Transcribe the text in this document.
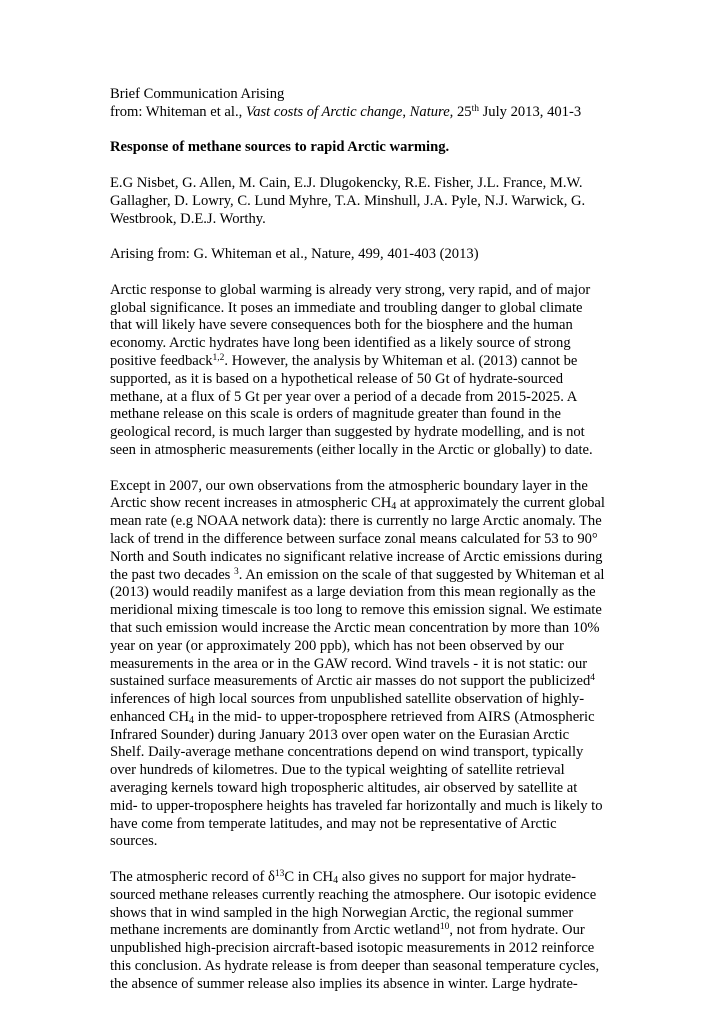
Brief Communication Arising

from: Whiteman et al., Vast costs of Arctic change, Nature, 25th July 2013, 401-3

Response of methane sources to rapid Arctic warming.

E.G Nisbet, G. Allen, M. Cain, E.J. Dlugokencky, R.E. Fisher, J.L. France, M.W. Gallagher, D. Lowry, C. Lund Myhre, T.A. Minshull, J.A. Pyle, N.J. Warwick, G. Westbrook, D.E.J. Worthy.

Arising from: G. Whiteman et al., Nature, 499, 401-403 (2013)

Arctic response to global warming is already very strong, very rapid, and of major global significance. It poses an immediate and troubling danger to global climate that will likely have severe consequences both for the biosphere and the human economy. Arctic hydrates have long been identified as a likely source of strong positive feedback$^{1,2}$. However, the analysis by Whiteman et al. (2013) cannot be supported, as it is based on a hypothetical release of 50 Gt of hydrate-sourced methane, at a flux of 5 Gt per year over a period of a decade from 2015-2025. A methane release on this scale is orders of magnitude greater than found in the geological record, is much larger than suggested by hydrate modelling, and is not seen in atmospheric measurements (either locally in the Arctic or globally) to date.

Except in 2007, our own observations from the atmospheric boundary layer in the Arctic show recent increases in atmospheric $CH_4$ at approximately the current global mean rate (e.g NOAA network data): there is currently no large Arctic anomaly. The lack of trend in the difference between surface zonal means calculated for 53 to 90° North and South indicates no significant relative increase of Arctic emissions during the past two decades $^3$. An emission on the scale of that suggested by Whiteman et al (2013) would readily manifest as a large deviation from this mean regionally as the meridional mixing timescale is too long to remove this emission signal. We estimate that such emission would increase the Arctic mean concentration by more than 10% year on year (or approximately 200 ppb), which has not been observed by our measurements in the area or in the GAW record. Wind travels - it is not static: our sustained surface measurements of Arctic air masses do not support the publicized$^4$ inferences of high local sources from unpublished satellite observation of highly-enhanced $CH_4$ in the mid- to upper-troposphere retrieved from AIRS (Atmospheric Infrared Sounder) during January 2013 over open water on the Eurasian Arctic Shelf. Daily-average methane concentrations depend on wind transport, typically over hundreds of kilometres. Due to the typical weighting of satellite retrieval averaging kernels toward high tropospheric altitudes, air observed by satellite at mid- to upper-troposphere heights has traveled far horizontally and much is likely to have come from temperate latitudes, and may not be representative of Arctic sources.

The atmospheric record of $\delta^{13}C$ in $CH_4$ also gives no support for major hydrate-sourced methane releases currently reaching the atmosphere. Our isotopic evidence shows that in wind sampled in the high Norwegian Arctic, the regional summer methane increments are dominantly from Arctic wetland$^{10}$, not from hydrate. Our unpublished high-precision aircraft-based isotopic measurements in 2012 reinforce this conclusion. As hydrate release is from deeper than seasonal temperature cycles, the absence of summer release also implies its absence in winter. Large hydrate-
